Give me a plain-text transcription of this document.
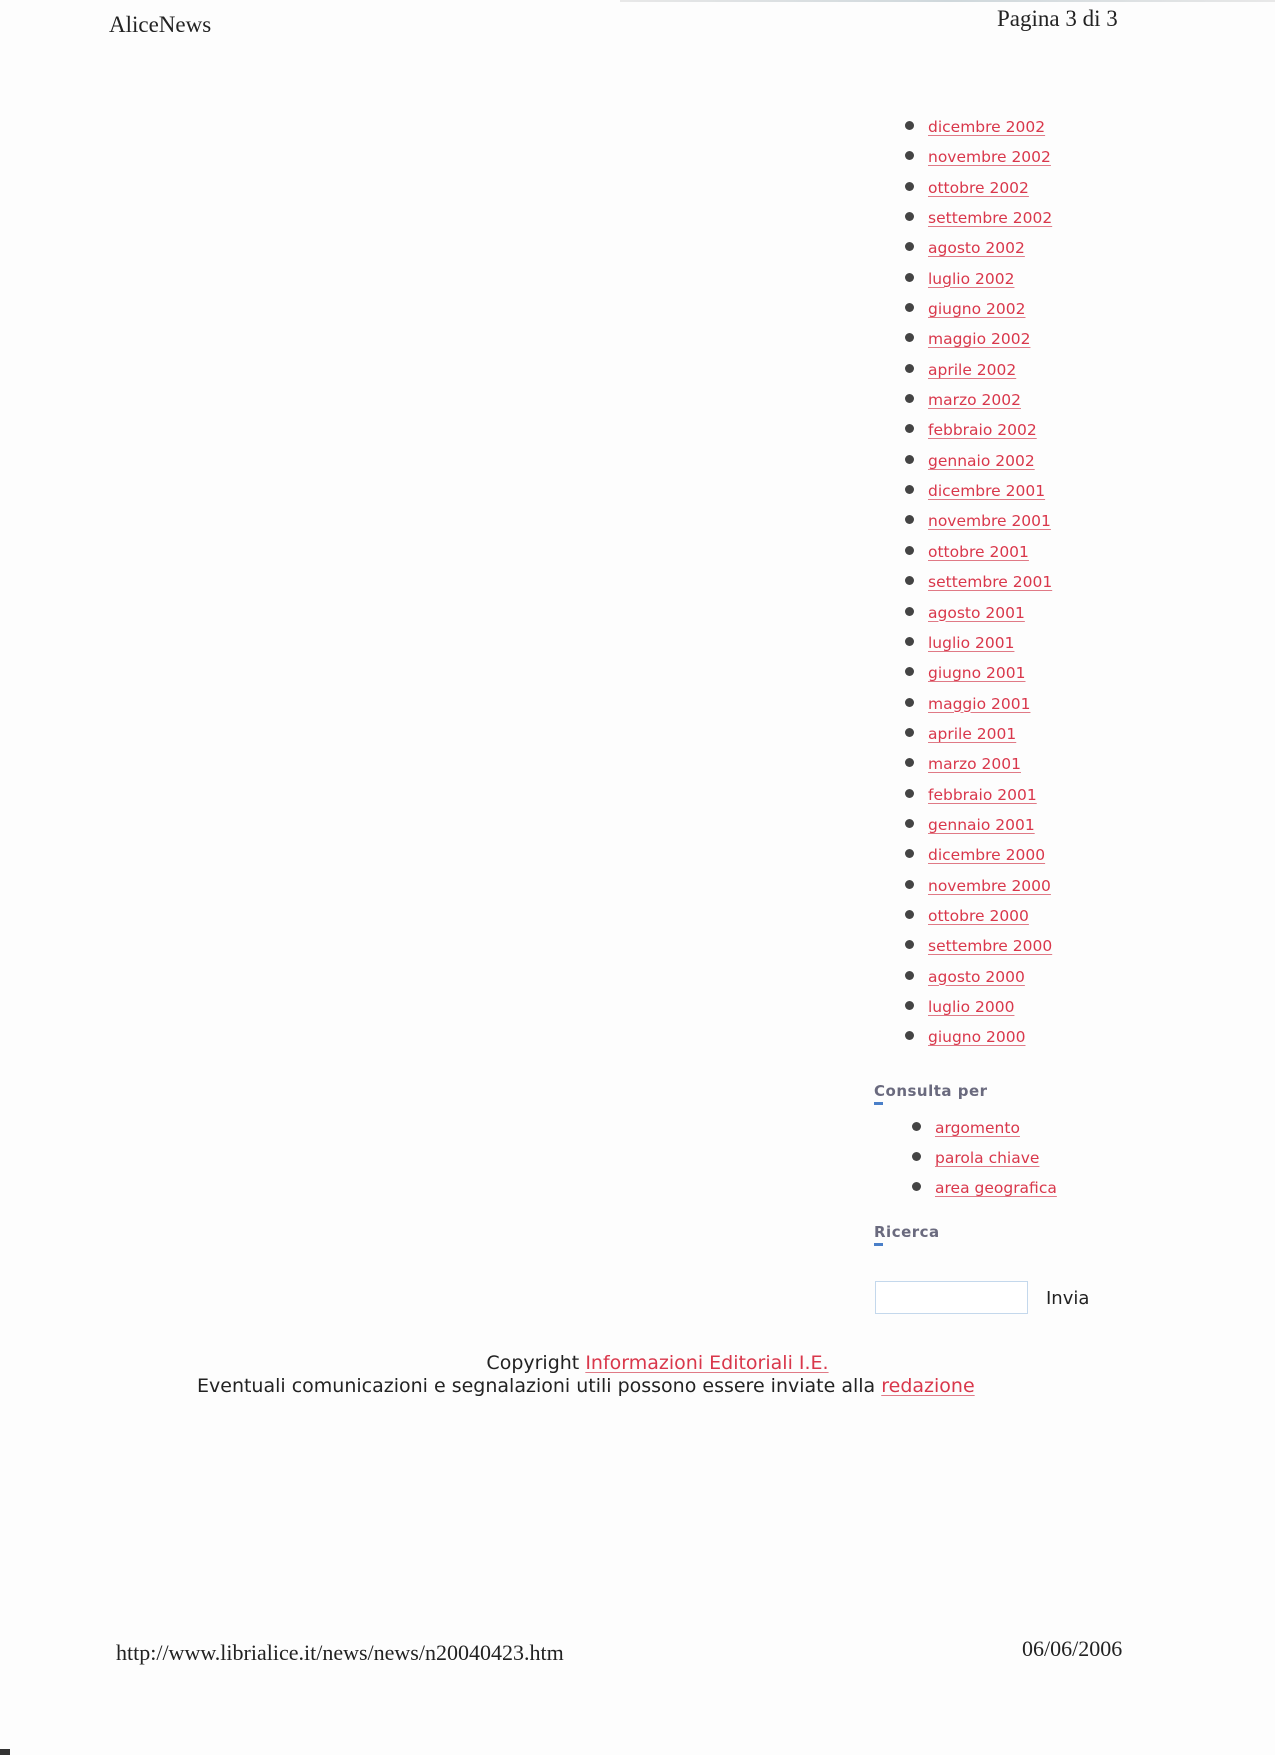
AliceNews	Pagina 3 di 3
dicembre 2002
novembre 2002
ottobre 2002
settembre 2002
agosto 2002
luglio 2002
giugno 2002
maggio 2002
aprile 2002
marzo 2002
febbraio 2002
gennaio 2002
dicembre 2001
novembre 2001
ottobre 2001
settembre 2001
agosto 2001
luglio 2001
giugno 2001
maggio 2001
aprile 2001
marzo 2001
febbraio 2001
gennaio 2001
dicembre 2000
novembre 2000
ottobre 2000
settembre 2000
agosto 2000
luglio 2000
giugno 2000
Consulta per
argomento
parola chiave
area geografica
Ricerca
Invia
Copyright Informazioni Editoriali I.E.
Eventuali comunicazioni e segnalazioni utili possono essere inviate alla redazione
http://www.librialice.it/news/news/n20040423.htm	06/06/2006
